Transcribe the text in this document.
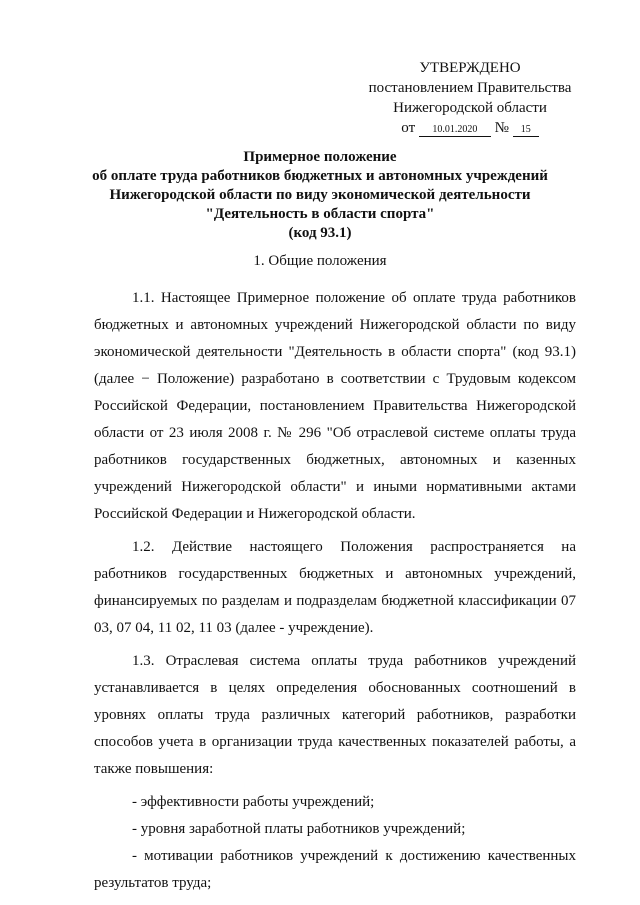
УТВЕРЖДЕНО
постановлением Правительства
Нижегородской области
от 10.01.2020 № 15
Примерное положение
об оплате труда работников бюджетных и автономных учреждений
Нижегородской области по виду экономической деятельности
"Деятельность в области спорта"
(код 93.1)
1. Общие положения

1.1. Настоящее Примерное положение об оплате труда работников бюджетных и автономных учреждений Нижегородской области по виду экономической деятельности "Деятельность в области спорта" (код 93.1) (далее − Положение) разработано в соответствии с Трудовым кодексом Российской Федерации, постановлением Правительства Нижегородской области от 23 июля 2008 г. № 296 "Об отраслевой системе оплаты труда работников государственных бюджетных, автономных и казенных учреждений Нижегородской области" и иными нормативными актами Российской Федерации и Нижегородской области.

1.2. Действие настоящего Положения распространяется на работников государственных бюджетных и автономных учреждений, финансируемых по разделам и подразделам бюджетной классификации 07 03, 07 04, 11 02, 11 03 (далее - учреждение).

1.3. Отраслевая система оплаты труда работников учреждений устанавливается в целях определения обоснованных соотношений в уровнях оплаты труда различных категорий работников, разработки способов учета в организации труда качественных показателей работы, а также повышения:

- эффективности работы учреждений;

- уровня заработной платы работников учреждений;

- мотивации работников учреждений к достижению качественных результатов труда;
